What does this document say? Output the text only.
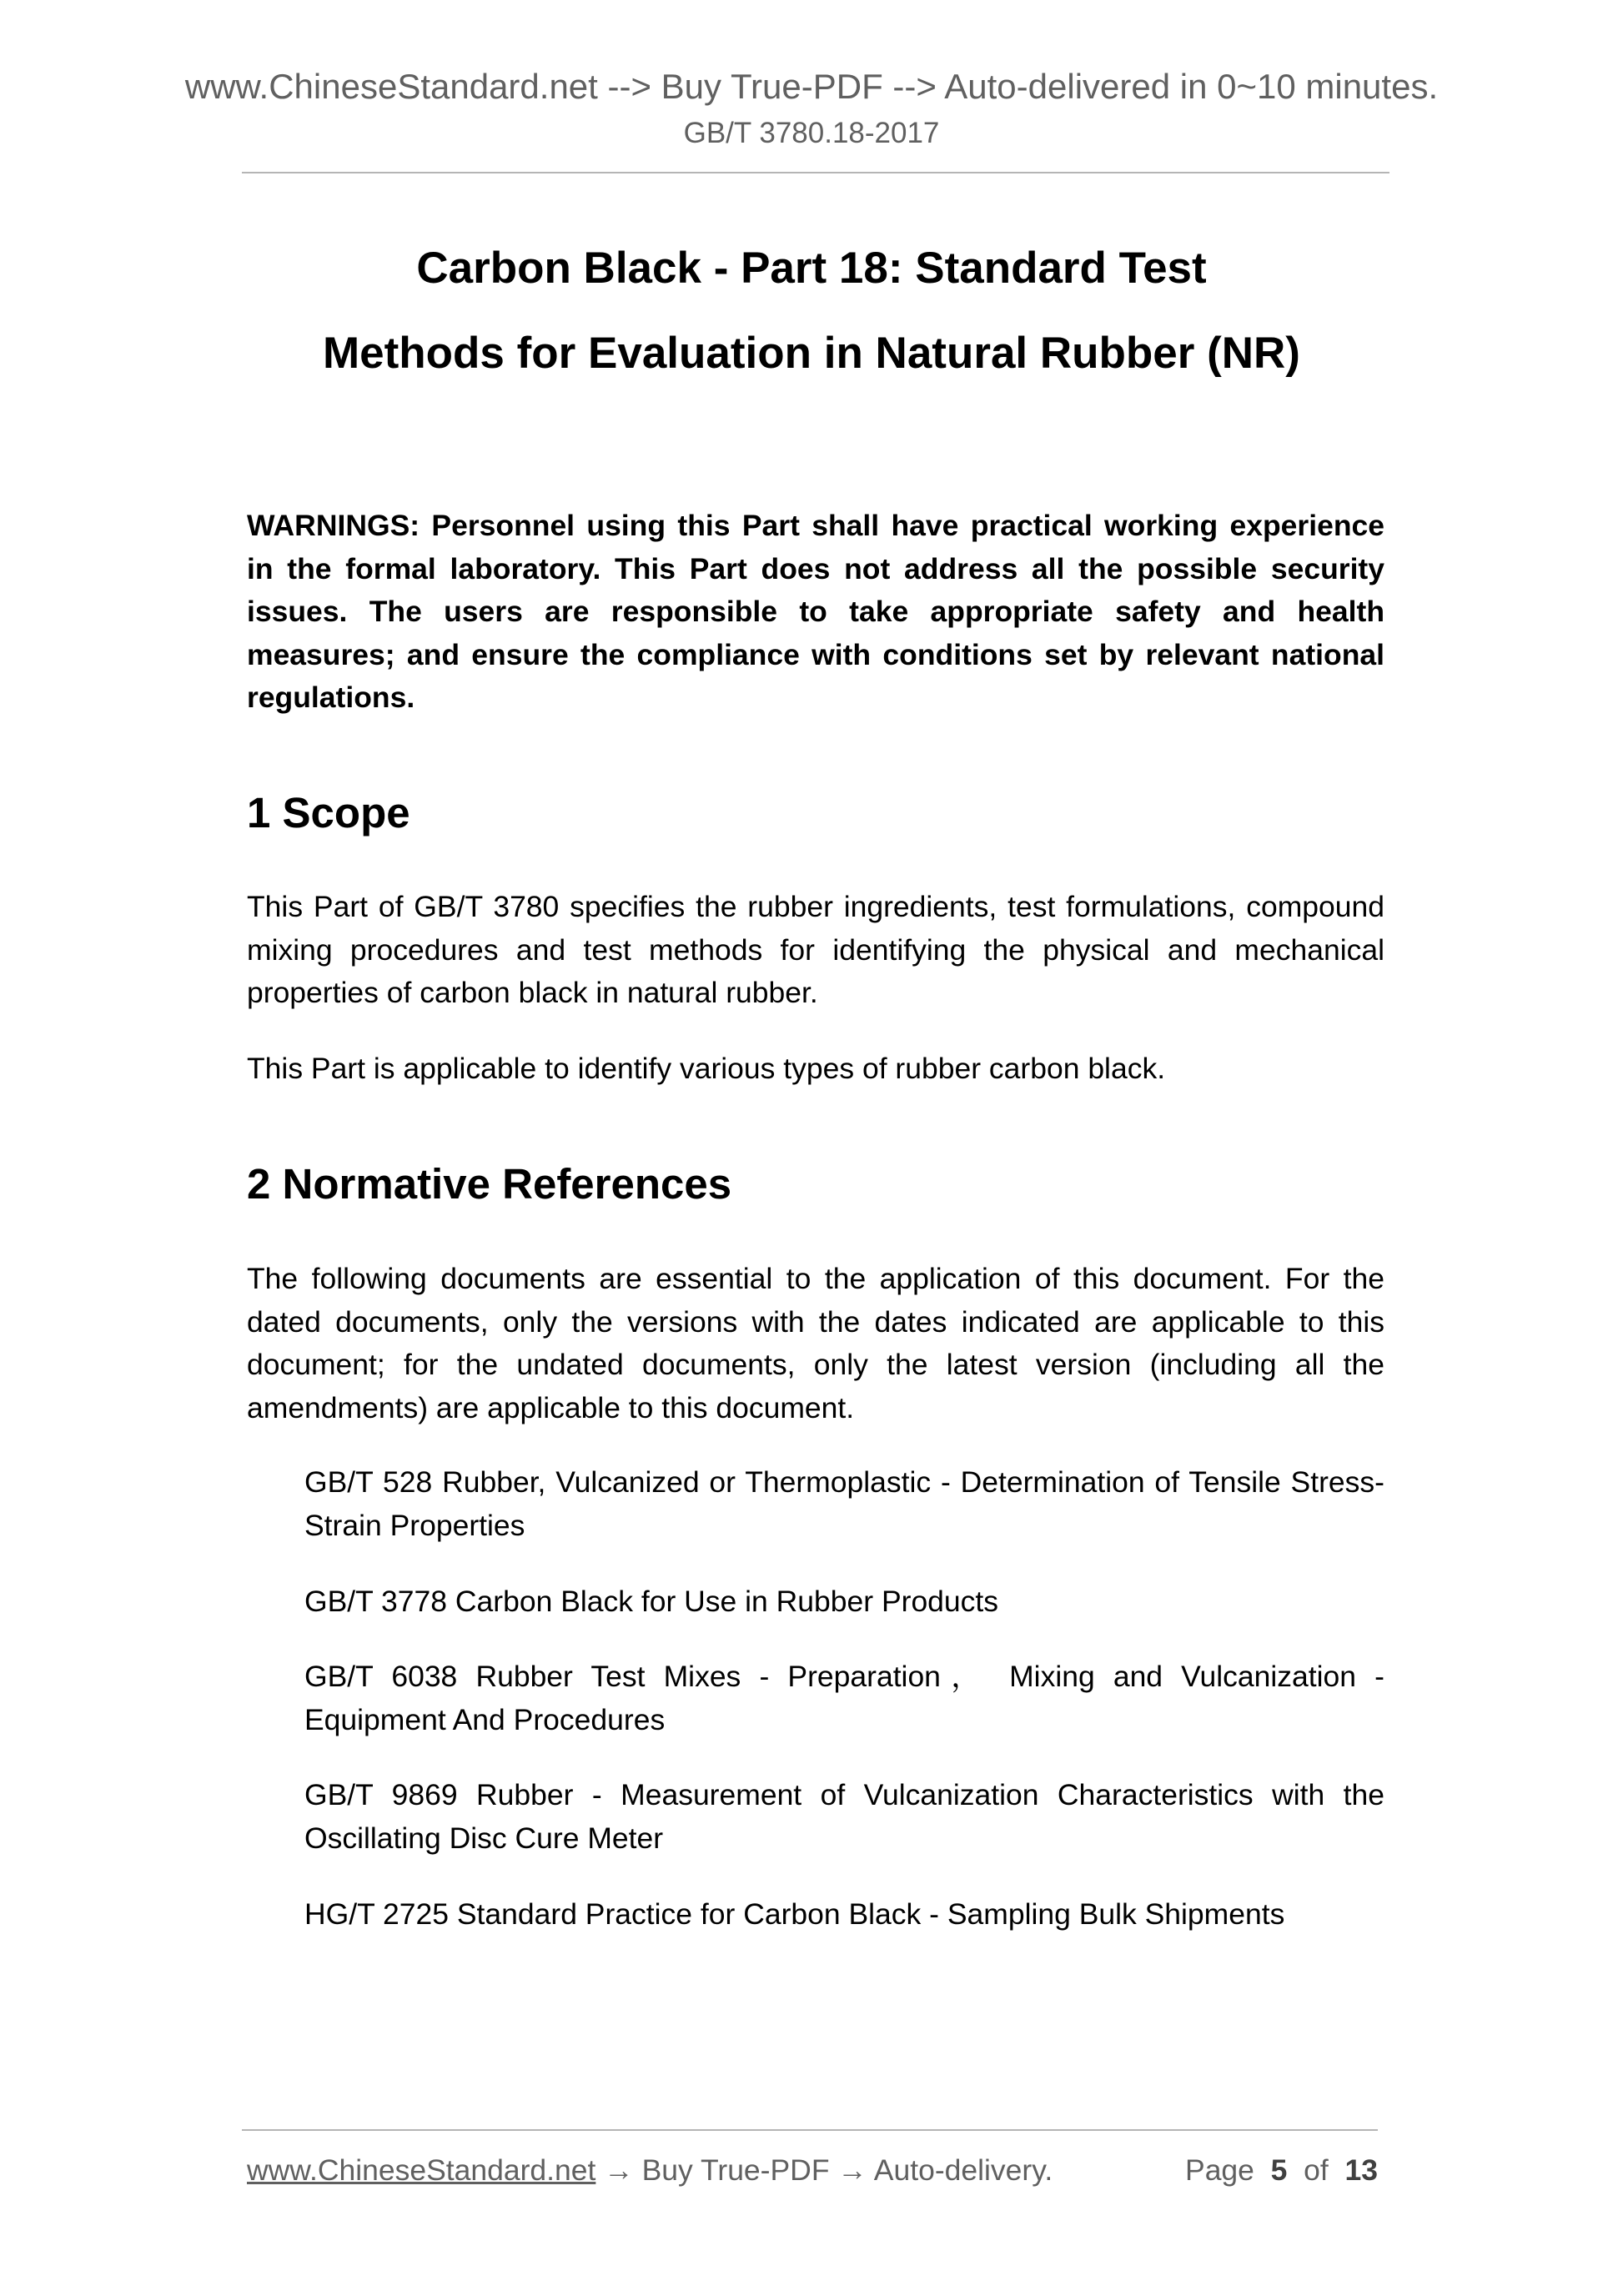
www.ChineseStandard.net --> Buy True-PDF --> Auto-delivered in 0~10 minutes.
GB/T 3780.18-2017
Carbon Black - Part 18: Standard Test
Methods for Evaluation in Natural Rubber (NR)
WARNINGS: Personnel using this Part shall have practical working experience in the formal laboratory. This Part does not address all the possible security issues. The users are responsible to take appropriate safety and health measures; and ensure the compliance with conditions set by relevant national regulations.
1 Scope
This Part of GB/T 3780 specifies the rubber ingredients, test formulations, compound mixing procedures and test methods for identifying the physical and mechanical properties of carbon black in natural rubber.
This Part is applicable to identify various types of rubber carbon black.
2 Normative References
The following documents are essential to the application of this document. For the dated documents, only the versions with the dates indicated are applicable to this document; for the undated documents, only the latest version (including all the amendments) are applicable to this document.
GB/T 528 Rubber, Vulcanized or Thermoplastic - Determination of Tensile Stress-Strain Properties
GB/T 3778 Carbon Black for Use in Rubber Products
GB/T 6038 Rubber Test Mixes - Preparation， Mixing and Vulcanization - Equipment And Procedures
GB/T 9869 Rubber - Measurement of Vulcanization Characteristics with the Oscillating Disc Cure Meter
HG/T 2725 Standard Practice for Carbon Black - Sampling Bulk Shipments
www.ChineseStandard.net → Buy True-PDF → Auto-delivery.	Page 5 of 13
